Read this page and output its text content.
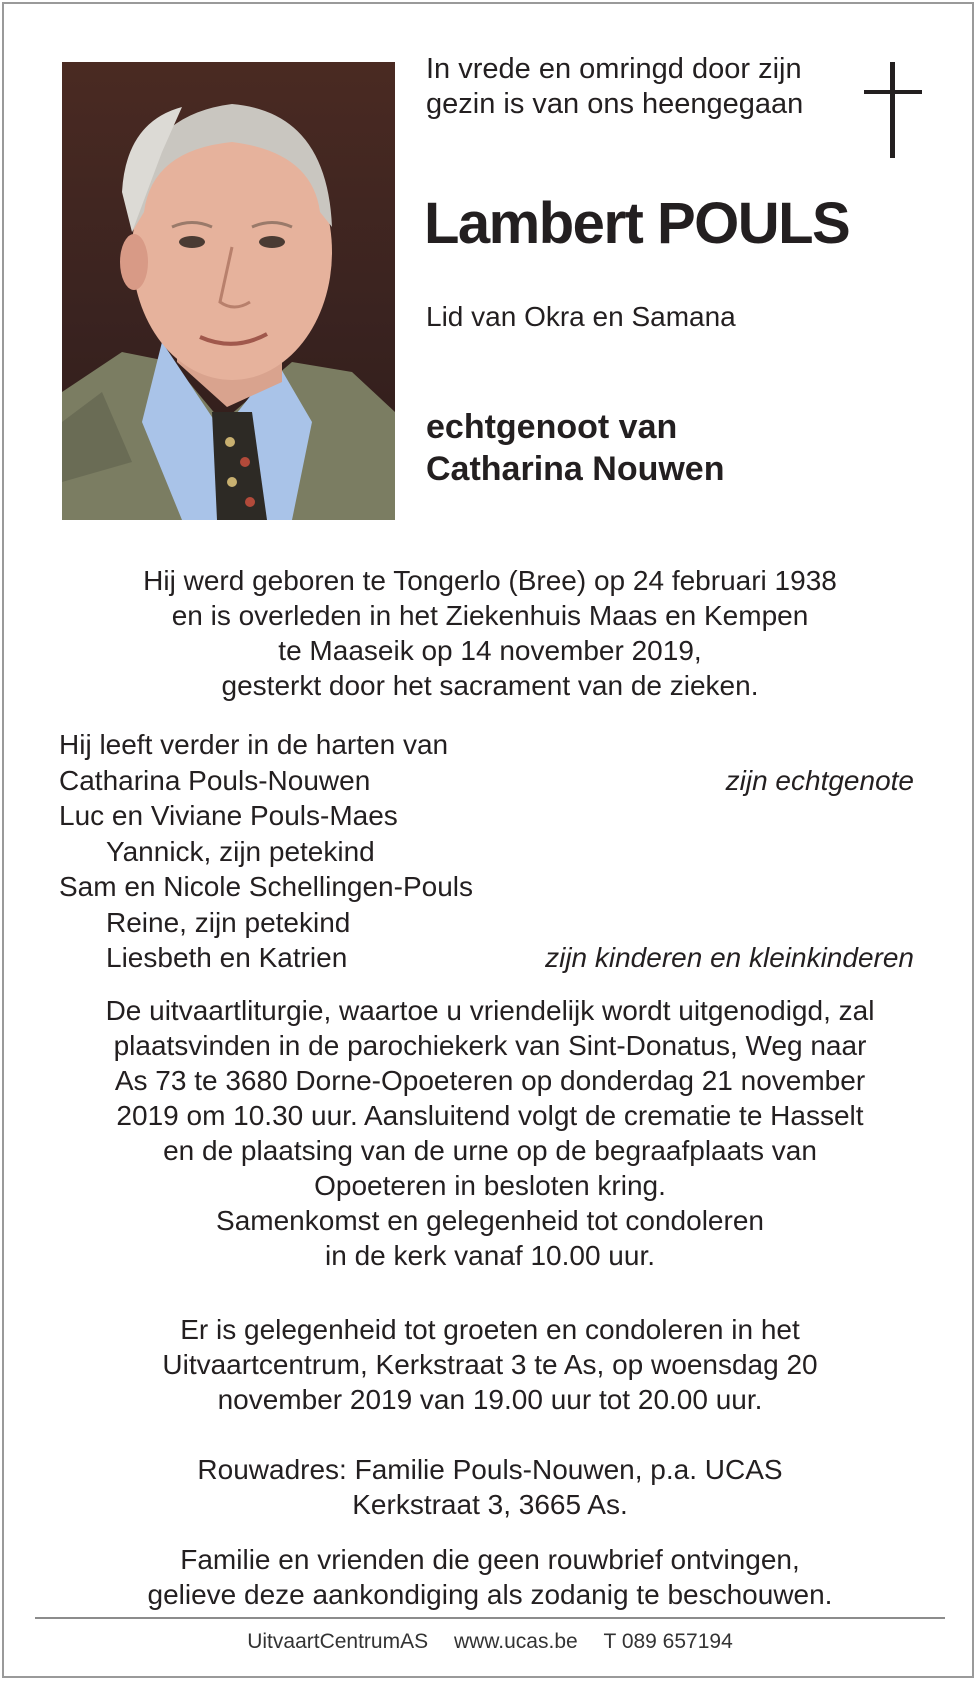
In vrede en omringd door zijn
gezin is van ons heengegaan

Lambert POULS

Lid van Okra en Samana

echtgenoot van
Catharina Nouwen

Hij werd geboren te Tongerlo (Bree) op 24 februari 1938
en is overleden in het Ziekenhuis Maas en Kempen
te Maaseik op 14 november 2019,
gesterkt door het sacrament van de zieken.

Hij leeft verder in de harten van
Catharina Pouls-Nouwen	zijn echtgenote
Luc en Viviane Pouls-Maes
Yannick, zijn petekind
Sam en Nicole Schellingen-Pouls
Reine, zijn petekind
Liesbeth en Katrien	zijn kinderen en kleinkinderen

De uitvaartliturgie, waartoe u vriendelijk wordt uitgenodigd, zal
plaatsvinden in de parochiekerk van Sint-Donatus, Weg naar
As 73 te 3680 Dorne-Opoeteren op donderdag 21 november
2019 om 10.30 uur. Aansluitend volgt de crematie te Hasselt
en de plaatsing van de urne op de begraafplaats van
Opoeteren in besloten kring.
Samenkomst en gelegenheid tot condoleren
in de kerk vanaf 10.00 uur.

Er is gelegenheid tot groeten en condoleren in het
Uitvaartcentrum, Kerkstraat 3 te As, op woensdag 20
november 2019 van 19.00 uur tot 20.00 uur.

Rouwadres: Familie Pouls-Nouwen, p.a. UCAS
Kerkstraat 3, 3665 As.

Familie en vrienden die geen rouwbrief ontvingen,
gelieve deze aankondiging als zodanig te beschouwen.

UitvaartCentrumAS www.ucas.be T 089 657194
